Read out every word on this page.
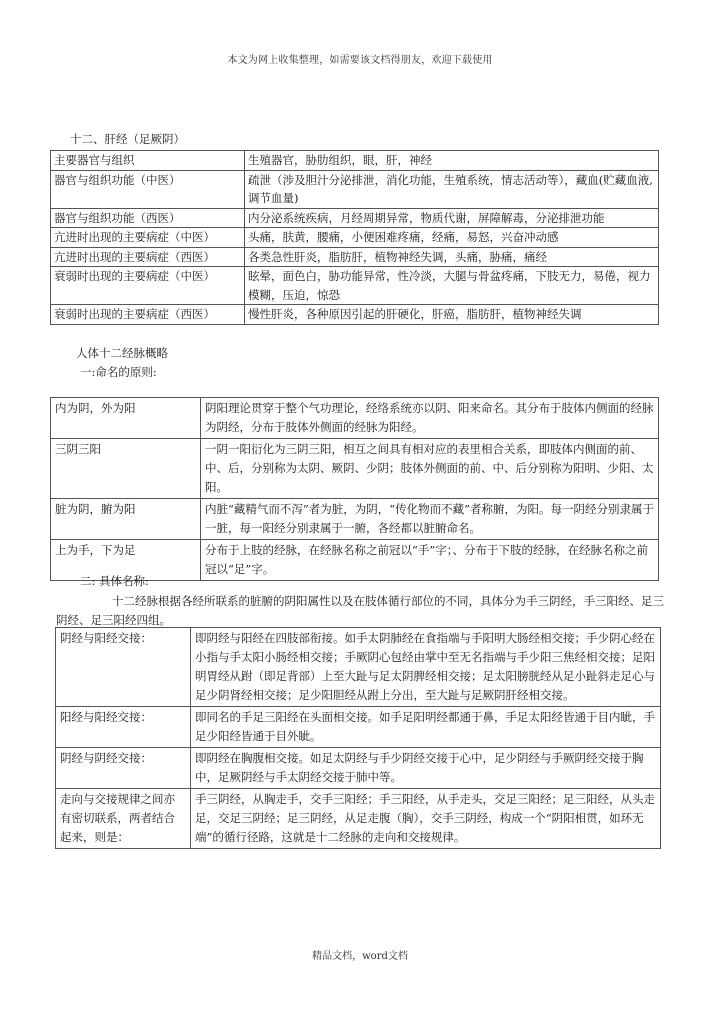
本文为网上收集整理，如需要该文档得朋友，欢迎下载使用
十二、肝经（足厥阴）
主要器官与组织	生殖器官，胁肋组织，眼，肝，神经
器官与组织功能（中医）	疏泄（涉及胆汁分泌排泄，消化功能，生殖系统，情志活动等），藏血(贮藏血液,调节血量)
器官与组织功能（西医）	内分泌系统疾病，月经周期异常，物质代谢，屏障解毒，分泌排泄功能
亢进时出现的主要病症（中医）	头痛，肤黄，腰痛，小便困难疼痛，经痛，易怒，兴奋冲动感
亢进时出现的主要病症（西医）	各类急性肝炎，脂肪肝，植物神经失调，头痛，胁痛，痛经
衰弱时出现的主要病症（中医）	眩晕，面色白，胁功能异常，性冷淡，大腿与骨盆疼痛，下肢无力，易倦，视力模糊，压迫，惊恐
衰弱时出现的主要病症（西医）	慢性肝炎，各种原因引起的肝硬化，肝癌，脂肪肝，植物神经失调
人体十二经脉概略
一:命名的原则:
内为阴，外为阳	阴阳理论贯穿于整个气功理论，经络系统亦以阴、阳来命名。其分布于肢体内侧面的经脉为阴经，分布于肢体外侧面的经脉为阳经。
三阴三阳	一阴一阳衍化为三阴三阳，相互之间具有相对应的表里相合关系，即肢体内侧面的前、中、后，分别称为太阴、厥阴、少阴；肢体外侧面的前、中、后分别称为阳明、少阳、太阳。
脏为阴，腑为阳	内脏“藏精气而不泻”者为脏，为阴，“传化物而不藏”者称腑，为阳。每一阴经分别隶属于一脏，每一阳经分别隶属于一腑，各经都以脏腑命名。
上为手，下为足	分布于上肢的经脉，在经脉名称之前冠以“手”字；、分布于下肢的经脉，在经脉名称之前冠以“足”字。
二: 具体名称:
十二经脉根据各经所联系的脏腑的阴阳属性以及在肢体循行部位的不同，具体分为手三阴经，手三阳经、足三阴经、足三阳经四组。
阴经与阳经交接：	即阴经与阳经在四肢部衔接。如手太阴肺经在食指端与手阳明大肠经相交接；手少阴心经在小指与手太阳小肠经相交接；手厥阴心包经由掌中至无名指端与手少阳三焦经相交接；足阳明胃经从跗（即足背部）上至大趾与足太阴脾经相交接；足太阳膀胱经从足小趾斜走足心与足少阴肾经相交接；足少阳胆经从跗上分出，至大趾与足厥阴肝经相交接。
阳经与阳经交接：	即同名的手足三阳经在头面相交接。如手足阳明经都通于鼻，手足太阳经皆通于目内眦，手足少阳经皆通于目外眦。
阴经与阴经交接：	即阴经在胸腹相交接。如足太阴经与手少阴经交接于心中，足少阴经与手厥阴经交接于胸中，足厥阴经与手太阴经交接于肺中等。
走向与交接规律之间亦有密切联系，两者结合起来，则是：	手三阴经，从胸走手，交手三阳经；手三阳经，从手走头，交足三阳经；足三阳经，从头走足，交足三阴经；足三阴经，从足走腹（胸），交手三阴经，构成一个“阴阳相贯，如环无端”的循行径路，这就是十二经脉的走向和交接规律。
精品文档，word文档
